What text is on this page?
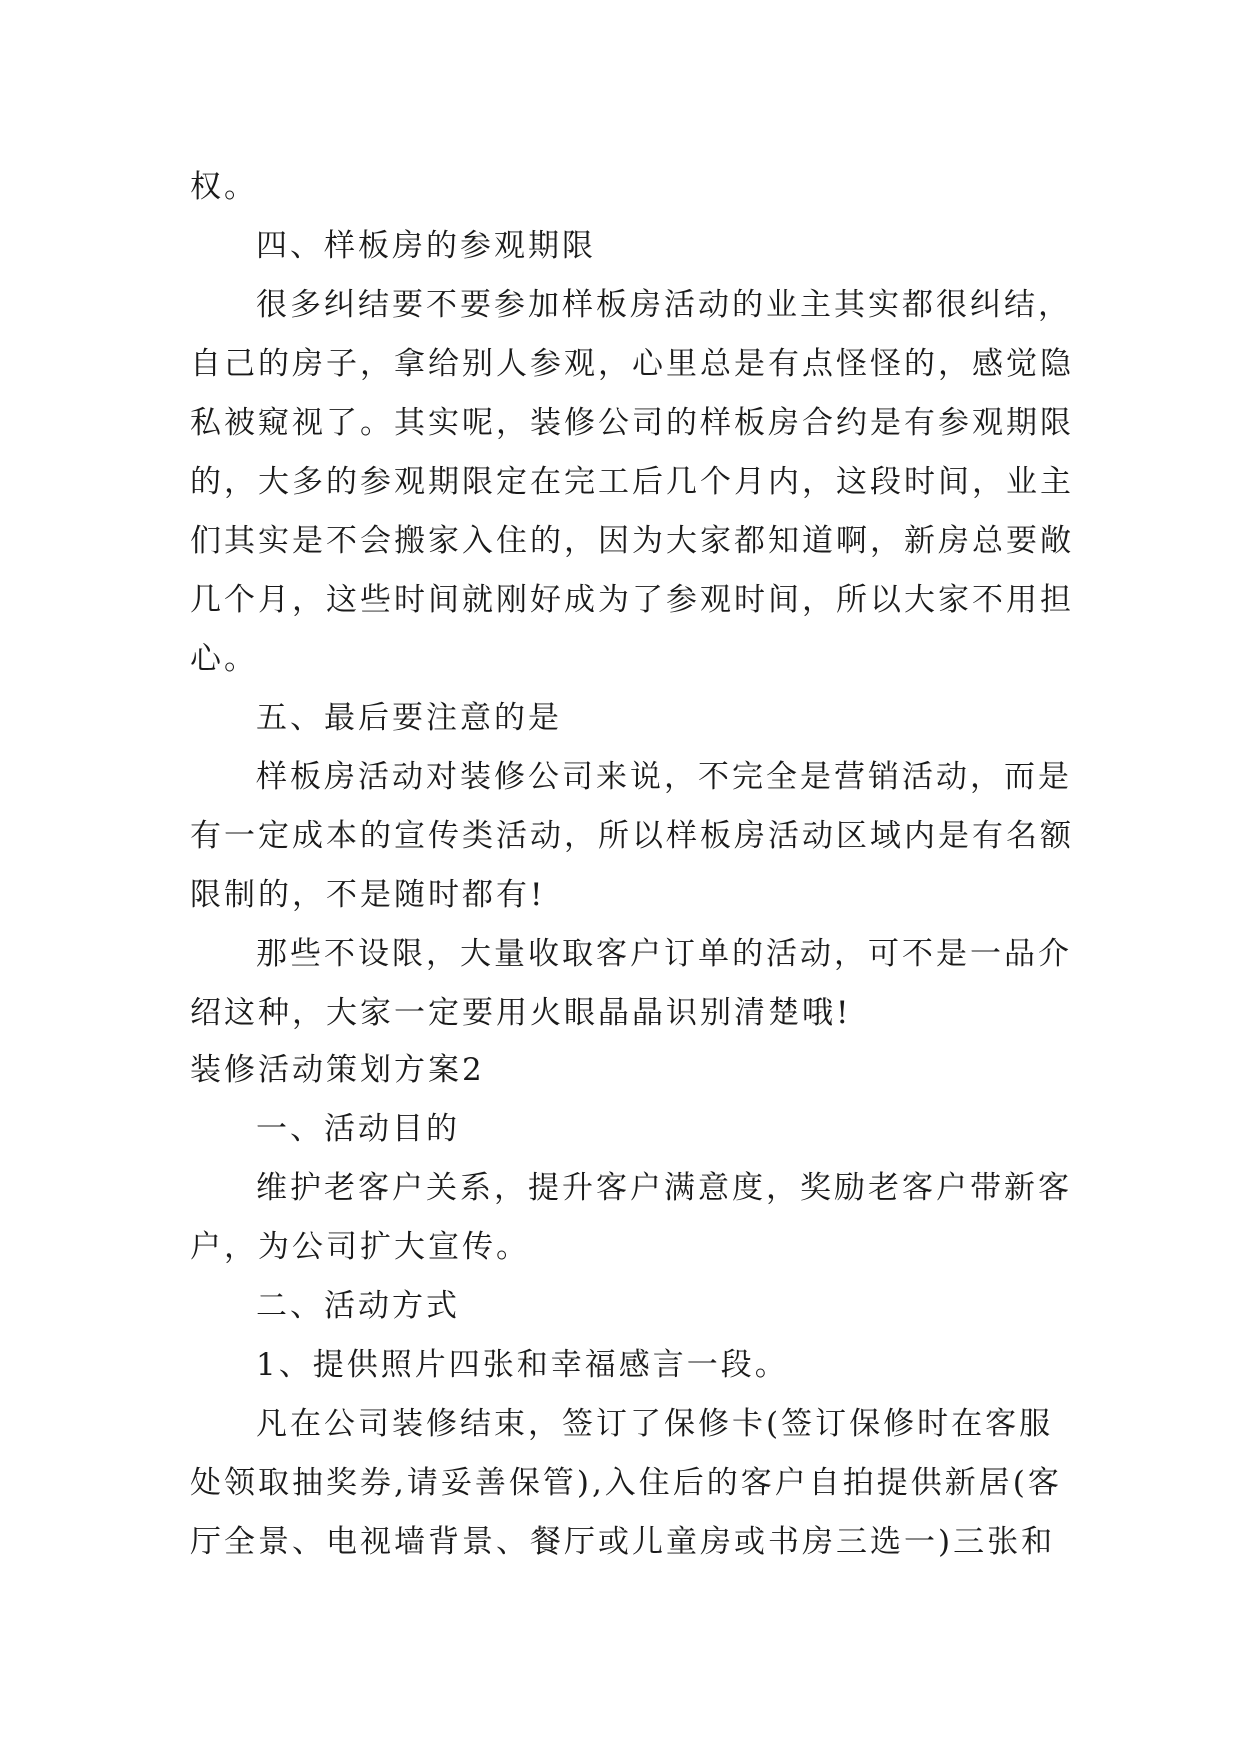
权。
四、样板房的参观期限
很多纠结要不要参加样板房活动的业主其实都很纠结，
自己的房子，拿给别人参观，心里总是有点怪怪的，感觉隐
私被窥视了。其实呢，装修公司的样板房合约是有参观期限
的，大多的参观期限定在完工后几个月内，这段时间，业主
们其实是不会搬家入住的，因为大家都知道啊，新房总要敞
几个月，这些时间就刚好成为了参观时间，所以大家不用担
心。
五、最后要注意的是
样板房活动对装修公司来说，不完全是营销活动，而是
有一定成本的宣传类活动，所以样板房活动区域内是有名额
限制的，不是随时都有!
那些不设限，大量收取客户订单的活动，可不是一品介
绍这种，大家一定要用火眼晶晶识别清楚哦!
装修活动策划方案2
一、活动目的
维护老客户关系，提升客户满意度，奖励老客户带新客
户，为公司扩大宣传。
二、活动方式
1、提供照片四张和幸福感言一段。
凡在公司装修结束，签订了保修卡(签订保修时在客服
处领取抽奖券,请妥善保管),入住后的客户自拍提供新居(客
厅全景、电视墙背景、餐厅或儿童房或书房三选一)三张和
